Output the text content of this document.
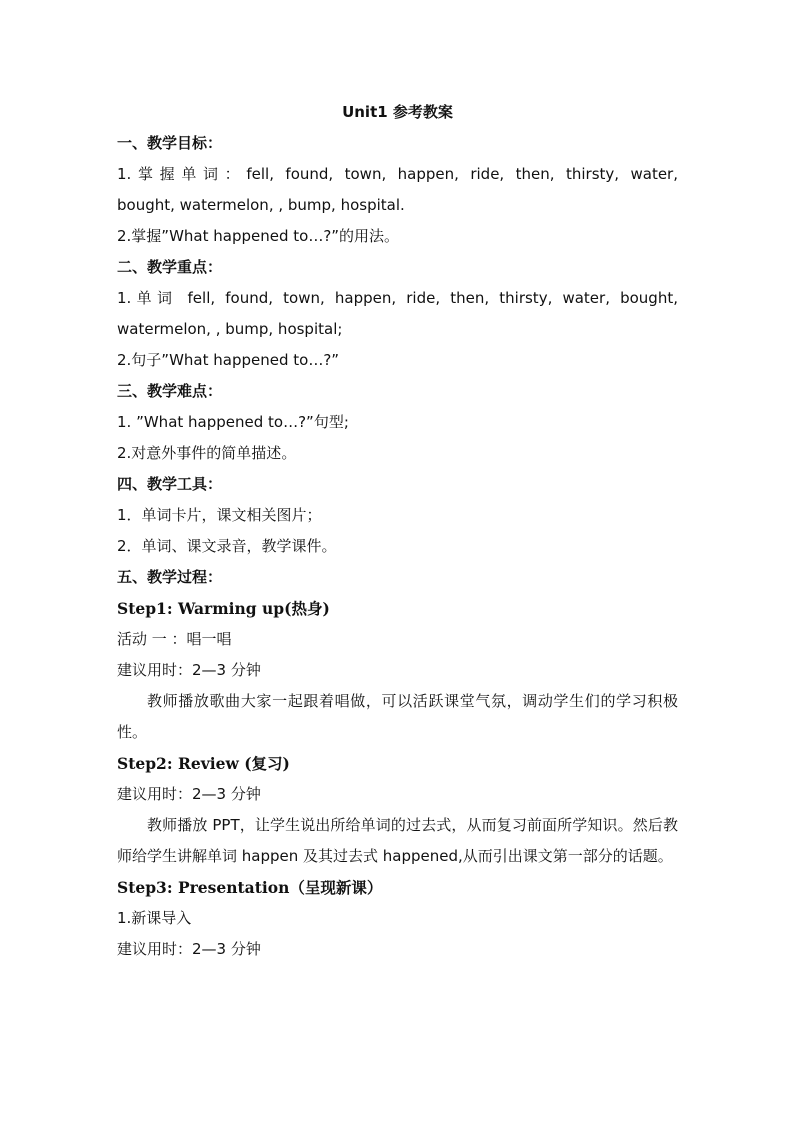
Unit1 参考教案

一、教学目标：

1.掌握单词：fell, found, town, happen, ride, then, thirsty, water,

bought, watermelon, , bump, hospital.

2.掌握”What happened to…?”的用法。

二、教学重点：

1.单词 fell, found, town, happen, ride, then, thirsty, water, bought,

watermelon, , bump, hospital;

2.句子”What happened to…?”

三、教学难点：

1. ”What happened to…?”句型;

2.对意外事件的简单描述。

四、教学工具：

1．单词卡片，课文相关图片；

2．单词、课文录音，教学课件。

五、教学过程：

Step1: Warming up(热身)

活动 一 ：唱一唱

建议用时：2—3 分钟

教师播放歌曲大家一起跟着唱做，可以活跃课堂气氛，调动学生们的学习积极性。

Step2: Review (复习)

建议用时：2—3 分钟

教师播放 PPT，让学生说出所给单词的过去式，从而复习前面所学知识。然后教师给学生讲解单词 happen 及其过去式 happened,从而引出课文第一部分的话题。

Step3: Presentation（呈现新课）

1.新课导入

建议用时：2—3 分钟
